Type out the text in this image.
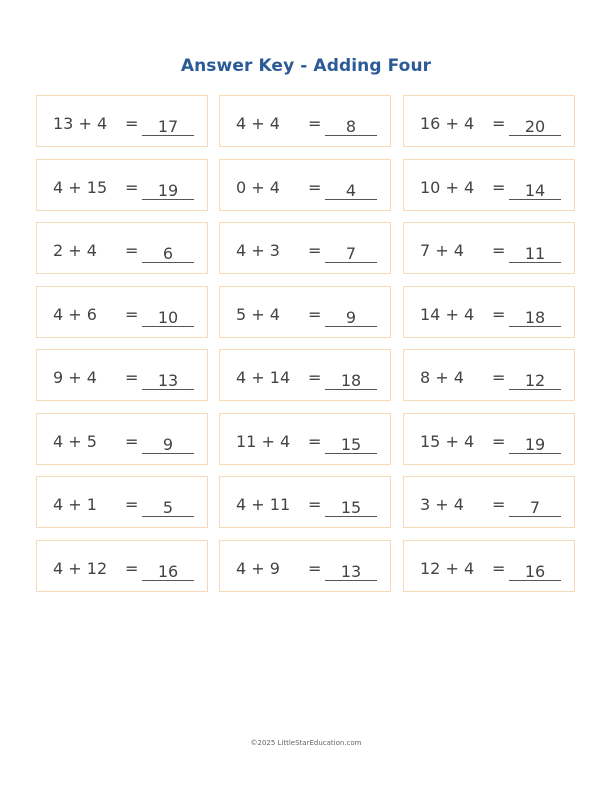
Answer Key - Adding Four
13 + 4 =	17	4 + 4 =	8	16 + 4 =	20
4 + 15 =	19	0 + 4 =	4	10 + 4 =	14
2 + 4 =	6	4 + 3 =	7	7 + 4 =	11
4 + 6 =	10	5 + 4 =	9	14 + 4 =	18
9 + 4 =	13	4 + 14 =	18	8 + 4 =	12
4 + 5 =	9	11 + 4 =	15	15 + 4 =	19
4 + 1 =	5	4 + 11 =	15	3 + 4 =	7
4 + 12 =	16	4 + 9 =	13	12 + 4 =	16
©2025 LittleStarEducation.com
